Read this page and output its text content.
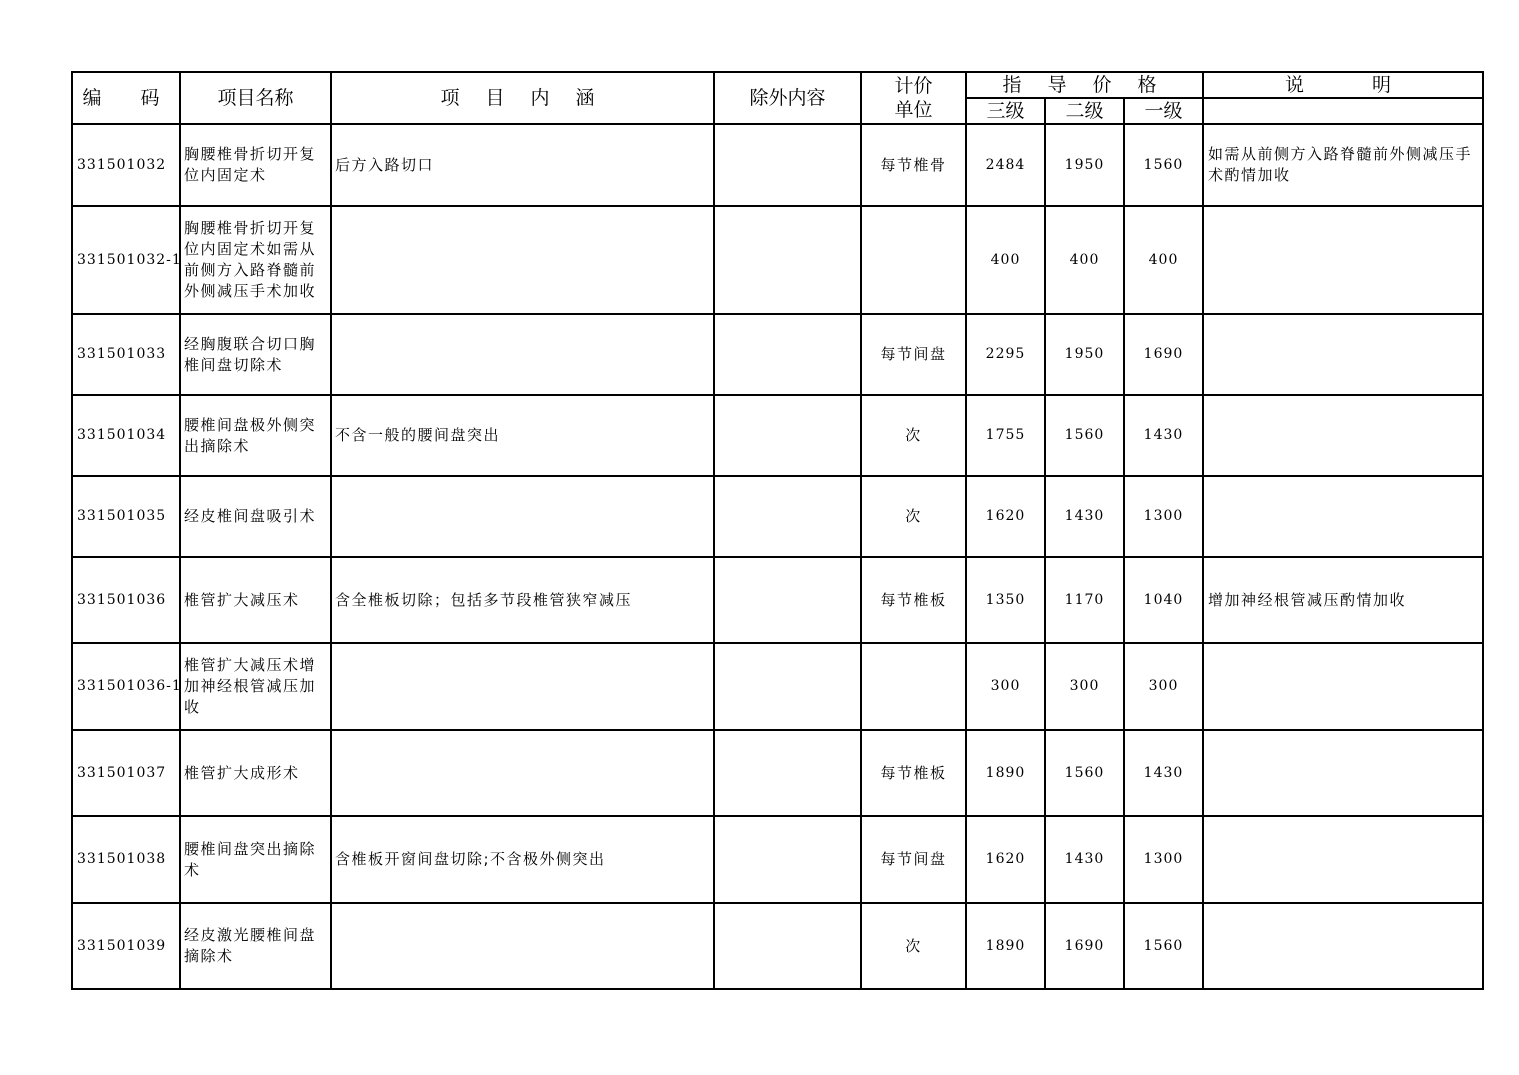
编　码	项目名称	项 目 内 涵	除外内容	计价单位	指 导 价 格			说　　明
					三级	二级	一级	
331501032	胸腰椎骨折切开复位内固定术	后方入路切口		每节椎骨	2484	1950	1560	如需从前侧方入路脊髓前外侧减压手术酌情加收
331501032-1	胸腰椎骨折切开复位内固定术如需从前侧方入路脊髓前外侧减压手术加收				400	400	400	
331501033	经胸腹联合切口胸椎间盘切除术			每节间盘	2295	1950	1690	
331501034	腰椎间盘极外侧突出摘除术	不含一般的腰间盘突出		次	1755	1560	1430	
331501035	经皮椎间盘吸引术			次	1620	1430	1300	
331501036	椎管扩大减压术	含全椎板切除；包括多节段椎管狭窄减压		每节椎板	1350	1170	1040	增加神经根管减压酌情加收
331501036-1	椎管扩大减压术增加神经根管减压加收				300	300	300	
331501037	椎管扩大成形术			每节椎板	1890	1560	1430	
331501038	腰椎间盘突出摘除术	含椎板开窗间盘切除;不含极外侧突出		每节间盘	1620	1430	1300	
331501039	经皮激光腰椎间盘摘除术			次	1890	1690	1560	
